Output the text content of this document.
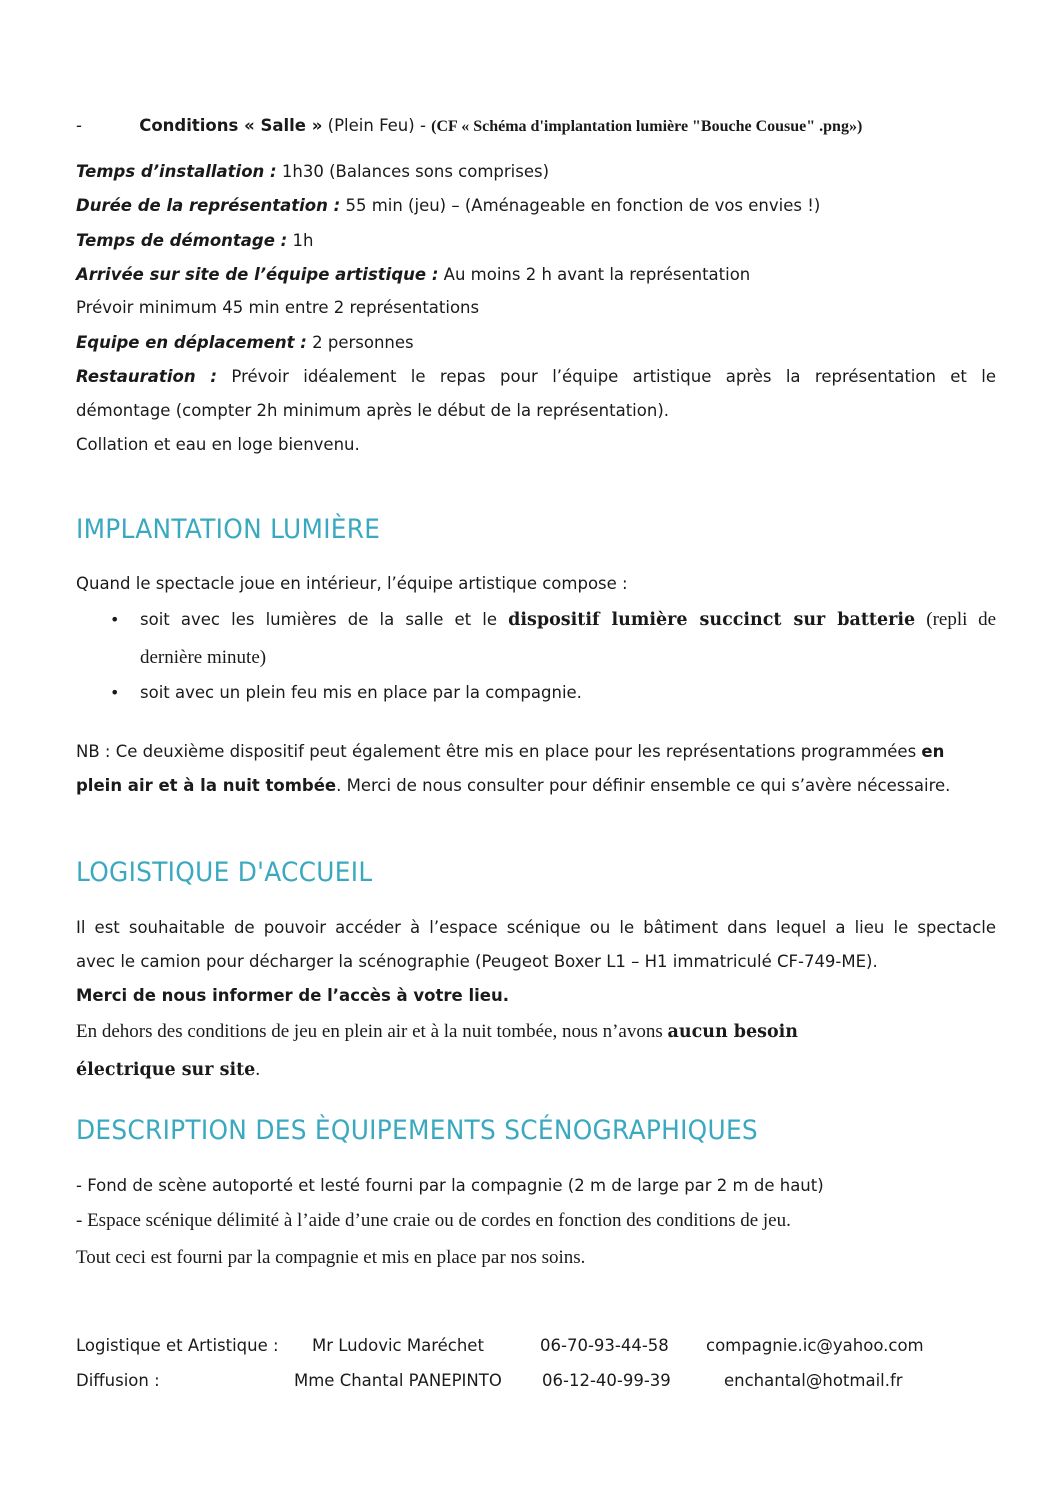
-	Conditions « Salle » (Plein Feu) - (CF « Schéma d'implantation lumière "Bouche Cousue" .png»)
Temps d’installation : 1h30 (Balances sons comprises)
Durée de la représentation : 55 min (jeu) – (Aménageable en fonction de vos envies !)
Temps de démontage : 1h
Arrivée sur site de l’équipe artistique : Au moins 2 h avant la représentation
Prévoir minimum 45 min entre 2 représentations
Equipe en déplacement : 2 personnes
Restauration : Prévoir idéalement le repas pour l’équipe artistique après la représentation et le
démontage (compter 2h minimum après le début de la représentation).
Collation et eau en loge bienvenu.
IMPLANTATION LUMIÈRE
Quand le spectacle joue en intérieur, l’équipe artistique compose :
• soit avec les lumières de la salle et le dispositif lumière succinct sur batterie (repli de
dernière minute)
• soit avec un plein feu mis en place par la compagnie.
NB : Ce deuxième dispositif peut également être mis en place pour les représentations programmées en
plein air et à la nuit tombée. Merci de nous consulter pour définir ensemble ce qui s’avère nécessaire.
LOGISTIQUE D'ACCUEIL
Il est souhaitable de pouvoir accéder à l’espace scénique ou le bâtiment dans lequel a lieu le spectacle
avec le camion pour décharger la scénographie (Peugeot Boxer L1 – H1 immatriculé CF-749-ME).
Merci de nous informer de l’accès à votre lieu.
En dehors des conditions de jeu en plein air et à la nuit tombée, nous n’avons aucun besoin
électrique sur site.
DESCRIPTION DES ÈQUIPEMENTS SCÉNOGRAPHIQUES
- Fond de scène autoporté et lesté fourni par la compagnie (2 m de large par 2 m de haut)
- Espace scénique délimité à l’aide d’une craie ou de cordes en fonction des conditions de jeu.
Tout ceci est fourni par la compagnie et mis en place par nos soins.
Logistique et Artistique : Mr Ludovic Maréchet	06-70-93-44-58 compagnie.ic@yahoo.com
Diffusion :	Mme Chantal PANEPINTO 06-12-40-99-39	enchantal@hotmail.fr
